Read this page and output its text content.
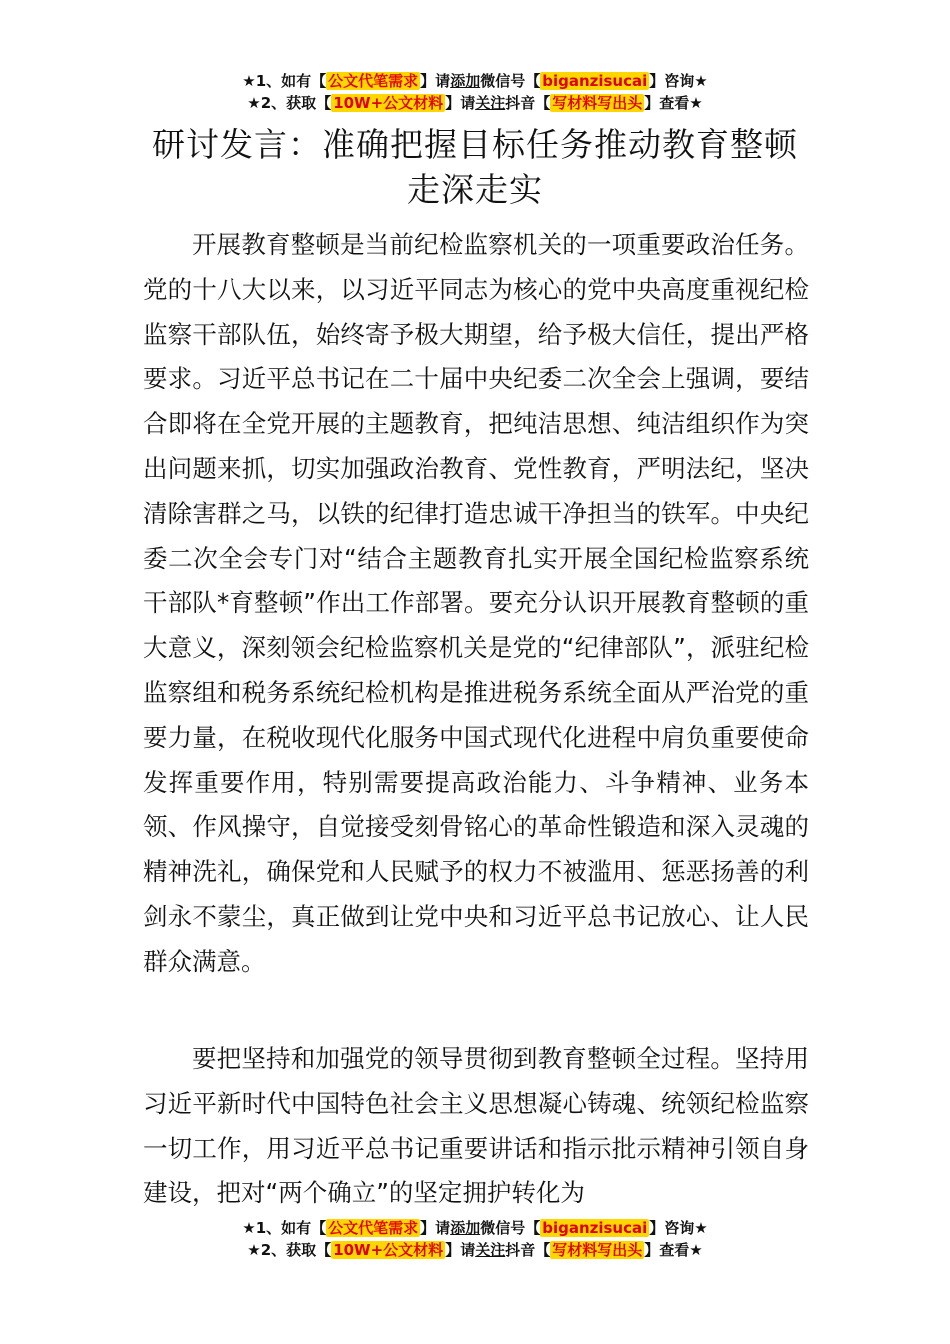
★1、如有【 公文代笔需求 】请添加微信号【 biganzisucai 】咨询★
★2、获取【 10W+公文材料 】请关注抖音【 写材料写出头 】查看★
研讨发言：准确把握目标任务推动教育整顿走深走实

开展教育整顿是当前纪检监察机关的一项重要政治任务。党的十八大以来，以习近平同志为核心的党中央高度重视纪检监察干部队伍，始终寄予极大期望，给予极大信任，提出严格要求。习近平总书记在二十届中央纪委二次全会上强调，要结合即将在全党开展的主题教育，把纯洁思想、纯洁组织作为突出问题来抓，切实加强政治教育、党性教育，严明法纪，坚决清除害群之马，以铁的纪律打造忠诚干净担当的铁军。中央纪委二次全会专门对“结合主题教育扎实开展全国纪检监察系统干部队*育整顿”作出工作部署。要充分认识开展教育整顿的重大意义，深刻领会纪检监察机关是党的“纪律部队”，派驻纪检监察组和税务系统纪检机构是推进税务系统全面从严治党的重要力量，在税收现代化服务中国式现代化进程中肩负重要使命发挥重要作用，特别需要提高政治能力、斗争精神、业务本领、作风操守，自觉接受刻骨铭心的革命性锻造和深入灵魂的精神洗礼，确保党和人民赋予的权力不被滥用、惩恶扬善的利剑永不蒙尘，真正做到让党中央和习近平总书记放心、让人民群众满意。

要把坚持和加强党的领导贯彻到教育整顿全过程。坚持用习近平新时代中国特色社会主义思想凝心铸魂、统领纪检监察一切工作，用习近平总书记重要讲话和指示批示精神引领自身建设，把对“两个确立”的坚定拥护转化为

★1、如有【 公文代笔需求 】请添加微信号【 biganzisucai 】咨询★
★2、获取【 10W+公文材料 】请关注抖音【 写材料写出头 】查看★
